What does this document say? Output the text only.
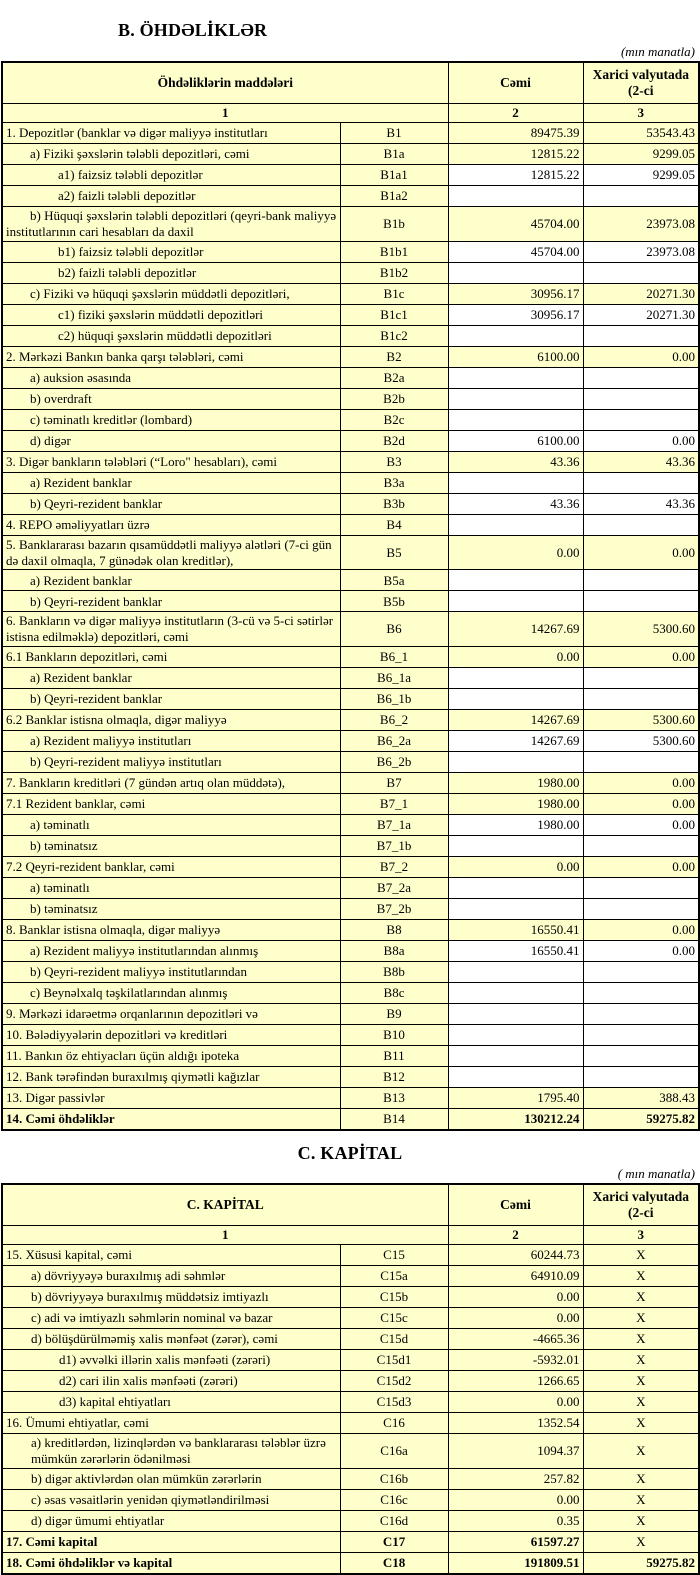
B. ÖHDƏLİKLƏR
(mın manatla)
Öhdəliklərin maddələri		Cəmi	Xarici valyutada (2-ci
1		2	3
1. Depozitlər (banklar və digər maliyyə institutları	B1	89475.39	53543.43
a) Fiziki şəxslərin tələbli depozitləri, cəmi	B1a	12815.22	9299.05
a1) faizsiz tələbli depozitlər	B1a1	12815.22	9299.05
a2) faizli tələbli depozitlər	B1a2		
b) Hüquqi şəxslərin tələbli depozitləri (qeyri-bank maliyyə institutlarının cari hesabları da daxil	B1b	45704.00	23973.08
b1) faizsiz tələbli depozitlər	B1b1	45704.00	23973.08
b2) faizli tələbli depozitlər	B1b2		
c) Fiziki və hüquqi şəxslərin müddətli depozitləri,	B1c	30956.17	20271.30
c1) fiziki şəxslərin müddətli depozitləri	B1c1	30956.17	20271.30
c2) hüquqi şəxslərin müddətli depozitləri	B1c2		
2. Mərkəzi Bankın banka qarşı tələbləri, cəmi	B2	6100.00	0.00
a) auksion əsasında	B2a		
b) overdraft	B2b		
c) təminatlı kreditlər (lombard)	B2c		
d) digər	B2d	6100.00	0.00
3. Digər bankların tələbləri (“Loro" hesabları), cəmi	B3	43.36	43.36
a) Rezident banklar	B3a		
b) Qeyri-rezident banklar	B3b	43.36	43.36
4. REPO əməliyyatları üzrə	B4		
5. Banklararası bazarın qısamüddətli maliyyə alətləri (7-ci gün də daxil olmaqla, 7 günədək olan kreditlər),	B5	0.00	0.00
a) Rezident banklar	B5a		
b) Qeyri-rezident banklar	B5b		
6. Bankların və digər maliyyə institutların (3-cü və 5-ci sətirlər istisna edilməklə) depozitləri, cəmi	B6	14267.69	5300.60
6.1 Bankların depozitləri, cəmi	B6_1	0.00	0.00
a) Rezident banklar	B6_1a		
b) Qeyri-rezident banklar	B6_1b		
6.2 Banklar istisna olmaqla, digər maliyyə	B6_2	14267.69	5300.60
a) Rezident maliyyə institutları	B6_2a	14267.69	5300.60
b) Qeyri-rezident maliyyə institutları	B6_2b		
7. Bankların kreditləri (7 gündən artıq olan müddətə),	B7	1980.00	0.00
7.1 Rezident banklar, cəmi	B7_1	1980.00	0.00
a) təminatlı	B7_1a	1980.00	0.00
b) təminatsız	B7_1b		
7.2 Qeyri-rezident banklar, cəmi	B7_2	0.00	0.00
a) təminatlı	B7_2a		
b) təminatsız	B7_2b		
8. Banklar istisna olmaqla, digər maliyyə	B8	16550.41	0.00
a) Rezident maliyyə institutlarından alınmış	B8a	16550.41	0.00
b) Qeyri-rezident maliyyə institutlarından	B8b		
c) Beynəlxalq təşkilatlarından alınmış	B8c		
9. Mərkəzi idarəetmə orqanlarının depozitləri və	B9		
10. Bələdiyyələrin depozitləri və kreditləri	B10		
11. Bankın öz ehtiyacları üçün aldığı ipoteka	B11		
12. Bank tərəfindən buraxılmış qiymətli kağızlar	B12		
13. Digər passivlər	B13	1795.40	388.43
14. Cəmi öhdəliklər	B14	130212.24	59275.82
C. KAPİTAL
( mın manatla)
C. KAPİTAL		Cəmi	Xarici valyutada (2-ci
1		2	3
15. Xüsusi kapital, cəmi	C15	60244.73	X
a) dövriyyəyə buraxılmış adi səhmlər	C15a	64910.09	X
b) dövriyyəyə buraxılmış müddətsiz imtiyazlı	C15b	0.00	X
c) adi və imtiyazlı səhmlərin nominal və bazar	C15c	0.00	X
d) bölüşdürülməmiş xalis mənfəət (zərər), cəmi	C15d	-4665.36	X
d1) əvvəlki illərin xalis mənfəəti (zərəri)	C15d1	-5932.01	X
d2) cari ilin xalis mənfəəti (zərəri)	C15d2	1266.65	X
d3) kapital ehtiyatları	C15d3	0.00	X
16. Ümumi ehtiyatlar, cəmi	C16	1352.54	X
a) kreditlərdən, lizinqlərdən və banklararası tələblər üzrə mümkün zərərlərin ödənilməsi	C16a	1094.37	X
b) digər aktivlərdən olan mümkün zərərlərin	C16b	257.82	X
c) əsas vəsaitlərin yenidən qiymətləndirilməsi	C16c	0.00	X
d) digər ümumi ehtiyatlar	C16d	0.35	X
17. Cəmi kapital	C17	61597.27	X
18. Cəmi öhdəliklər və kapital	C18	191809.51	59275.82
